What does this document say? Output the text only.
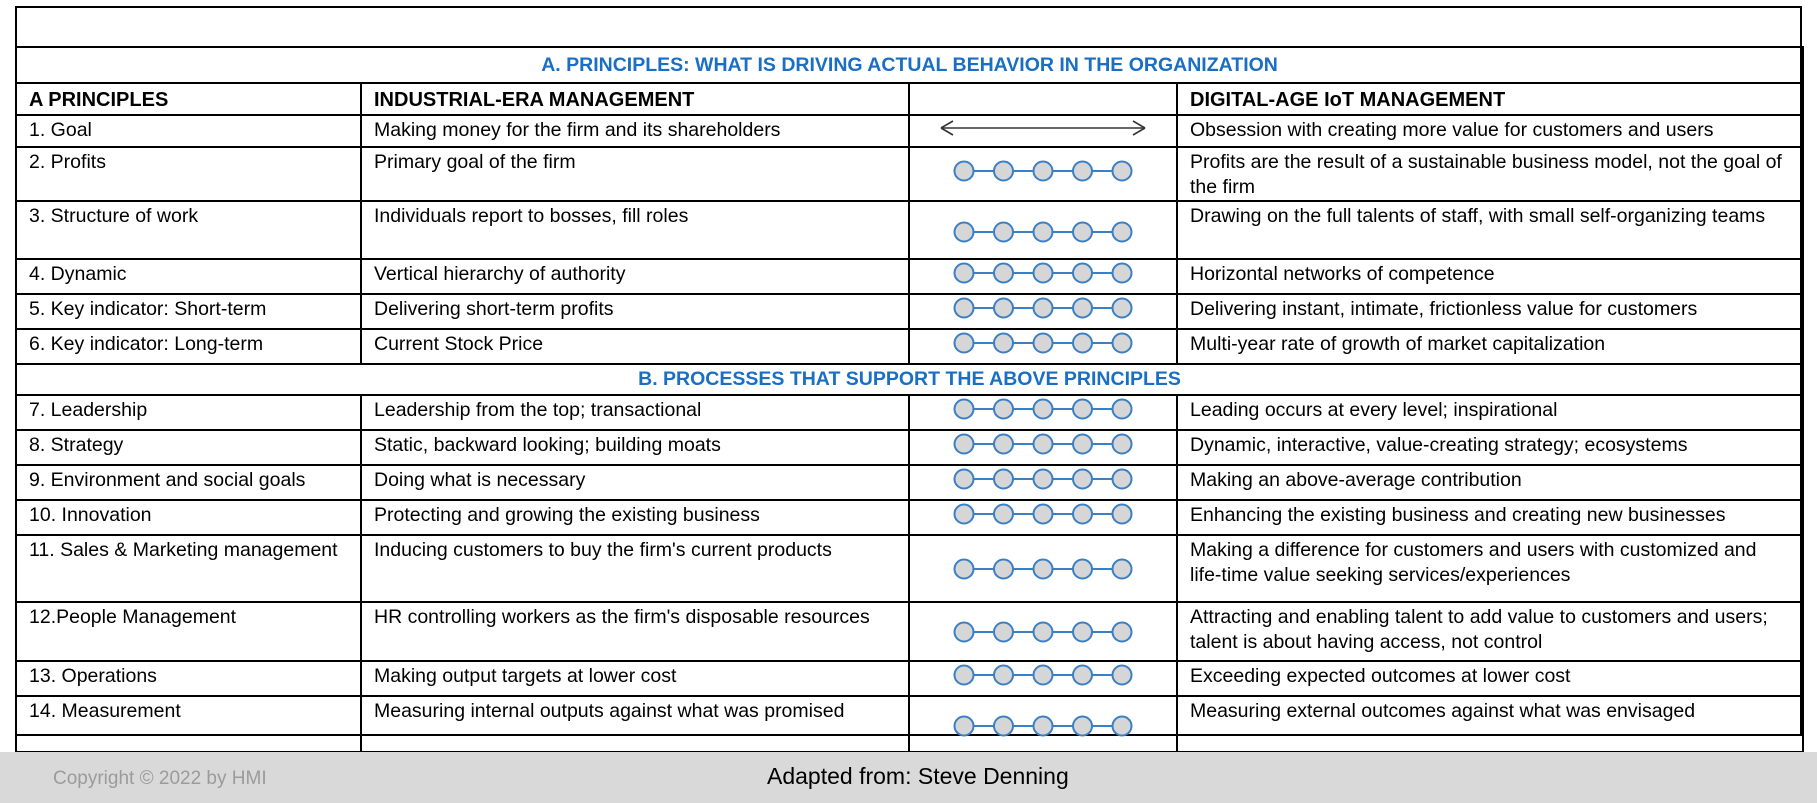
A. PRINCIPLES: WHAT IS DRIVING ACTUAL BEHAVIOR IN THE ORGANIZATION			
A PRINCIPLES	INDUSTRIAL-ERA MANAGEMENT		DIGITAL-AGE IoT MANAGEMENT
1. Goal	Making money for the firm and its shareholders		Obsession with creating more value for customers and users
2. Profits	Primary goal of the firm		Profits are the result of a sustainable business model, not the goal of the firm
3. Structure of work	Individuals report to bosses, fill roles		Drawing on the full talents of staff, with small self-organizing teams
4. Dynamic	Vertical hierarchy of authority		Horizontal networks of competence
5. Key indicator: Short-term	Delivering short-term profits		Delivering instant, intimate, frictionless value for customers
6. Key indicator: Long-term	Current Stock Price		Multi-year rate of growth of market capitalization
B. PROCESSES THAT SUPPORT THE ABOVE PRINCIPLES			
7. Leadership	Leadership from the top; transactional		Leading occurs at every level; inspirational
8. Strategy	Static, backward looking; building moats		Dynamic, interactive, value-creating strategy; ecosystems
9. Environment and social goals	Doing what is necessary		Making an above-average contribution
10. Innovation	Protecting and growing the existing business		Enhancing the existing business and creating new businesses
11. Sales & Marketing management	Inducing customers to buy the firm's current products		Making a difference for customers and users with customized and life-time value seeking services/experiences
12.People Management	HR controlling workers as the firm's disposable resources		Attracting and enabling talent to add value to customers and users; talent is about having access, not control
13. Operations	Making output targets at lower cost		Exceeding expected outcomes at lower cost
14. Measurement	Measuring internal outputs against what was promised		Measuring external outcomes against what was envisaged
Copyright © 2022 by HMI	Adapted from: Steve Denning
